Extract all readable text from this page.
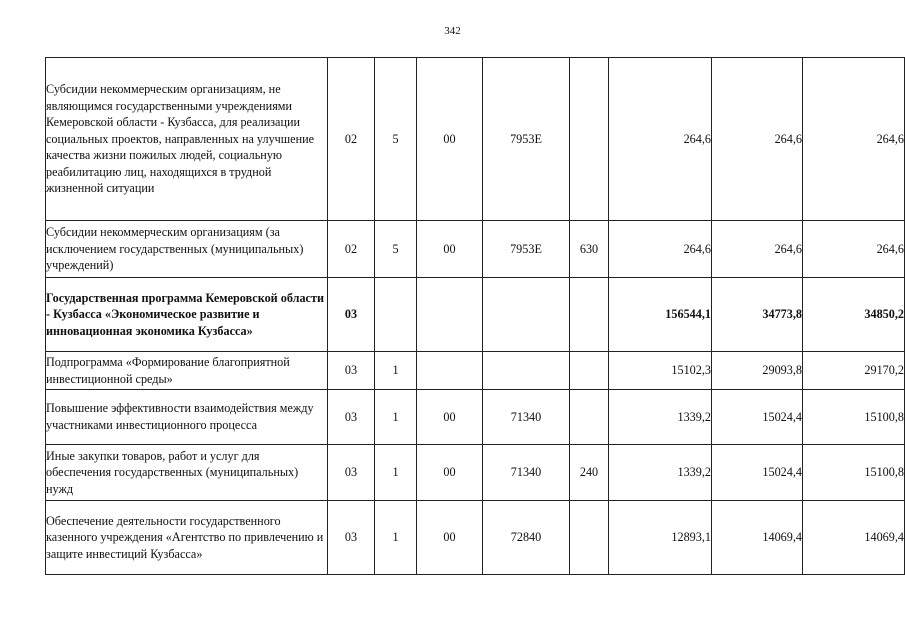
342
Субсидии некоммерческим организациям, не являющимся государственными учреждениями Кемеровской области - Кузбасса, для реализации социальных проектов, направленных на улучшение качества жизни пожилых людей, социальную реабилитацию лиц, находящихся в трудной жизненной ситуации	02	5	00	7953Е		264,6	264,6	264,6
Субсидии некоммерческим организациям (за исключением государственных (муниципальных) учреждений)	02	5	00	7953Е	630	264,6	264,6	264,6
Государственная программа Кемеровской области - Кузбасса «Экономическое развитие и инновационная экономика Кузбасса»	03					156544,1	34773,8	34850,2
Подпрограмма «Формирование благоприятной инвестиционной среды»	03	1				15102,3	29093,8	29170,2
Повышение эффективности взаимодействия между участниками инвестиционного процесса	03	1	00	71340		1339,2	15024,4	15100,8
Иные закупки товаров, работ и услуг для обеспечения государственных (муниципальных) нужд	03	1	00	71340	240	1339,2	15024,4	15100,8
Обеспечение деятельности государственного казенного учреждения «Агентство по привлечению и защите инвестиций Кузбасса»	03	1	00	72840		12893,1	14069,4	14069,4
